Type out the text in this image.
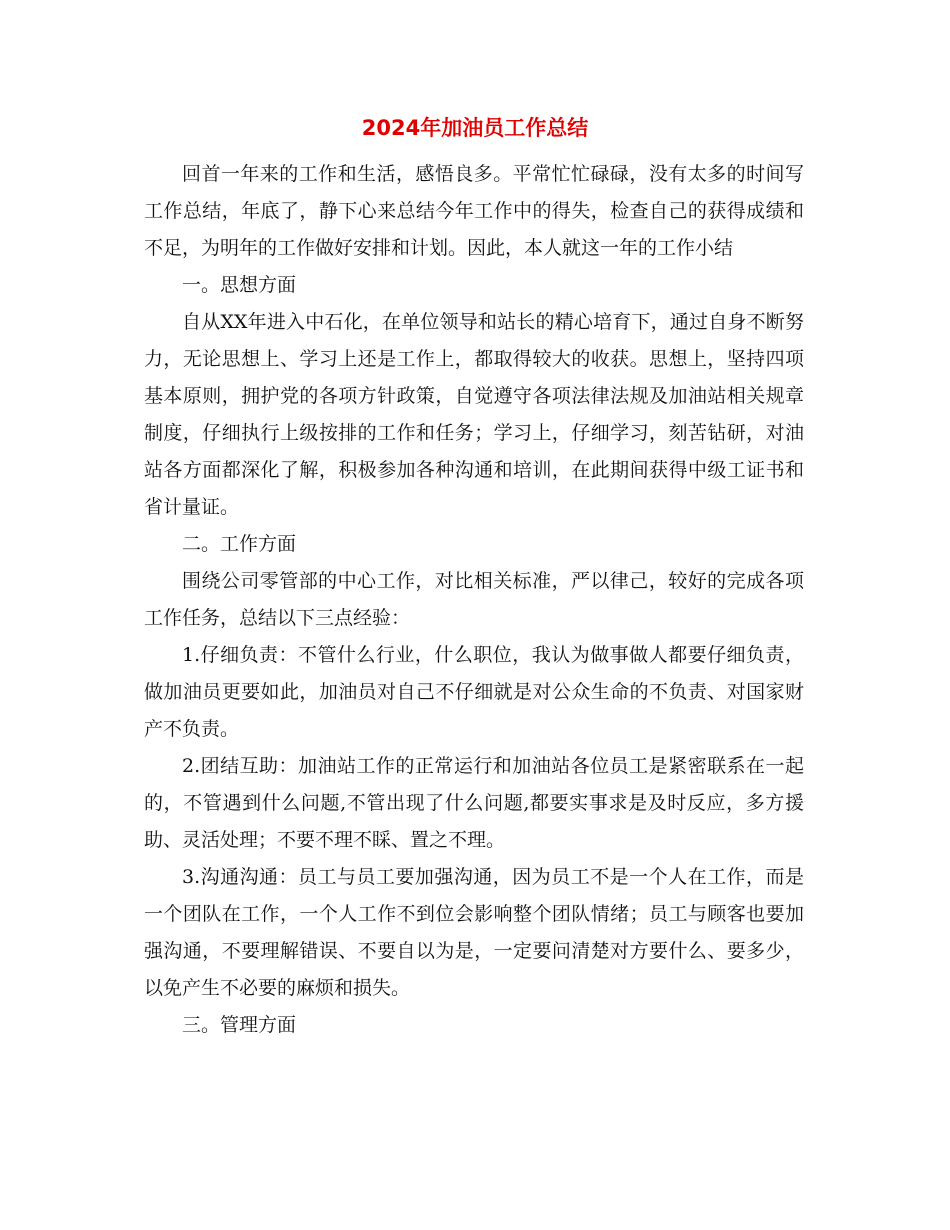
2024年加油员工作总结

回首一年来的工作和生活，感悟良多。平常忙忙碌碌，没有太多的时间写工作总结，年底了，静下心来总结今年工作中的得失，检查自己的获得成绩和不足，为明年的工作做好安排和计划。因此，本人就这一年的工作小结

一。思想方面

自从XX年进入中石化，在单位领导和站长的精心培育下，通过自身不断努力，无论思想上、学习上还是工作上，都取得较大的收获。思想上，坚持四项基本原则，拥护党的各项方针政策，自觉遵守各项法律法规及加油站相关规章制度，仔细执行上级按排的工作和任务；学习上，仔细学习，刻苦钻研，对油站各方面都深化了解，积极参加各种沟通和培训，在此期间获得中级工证书和省计量证。

二。工作方面

围绕公司零管部的中心工作，对比相关标准，严以律己，较好的完成各项工作任务，总结以下三点经验：

1.仔细负责：不管什么行业，什么职位，我认为做事做人都要仔细负责，做加油员更要如此，加油员对自己不仔细就是对公众生命的不负责、对国家财产不负责。

2.团结互助：加油站工作的正常运行和加油站各位员工是紧密联系在一起的，不管遇到什么问题,不管出现了什么问题,都要实事求是及时反应，多方援助、灵活处理；不要不理不睬、置之不理。

3.沟通沟通：员工与员工要加强沟通，因为员工不是一个人在工作，而是一个团队在工作，一个人工作不到位会影响整个团队情绪；员工与顾客也要加强沟通，不要理解错误、不要自以为是，一定要问清楚对方要什么、要多少，以免产生不必要的麻烦和损失。

三。管理方面
